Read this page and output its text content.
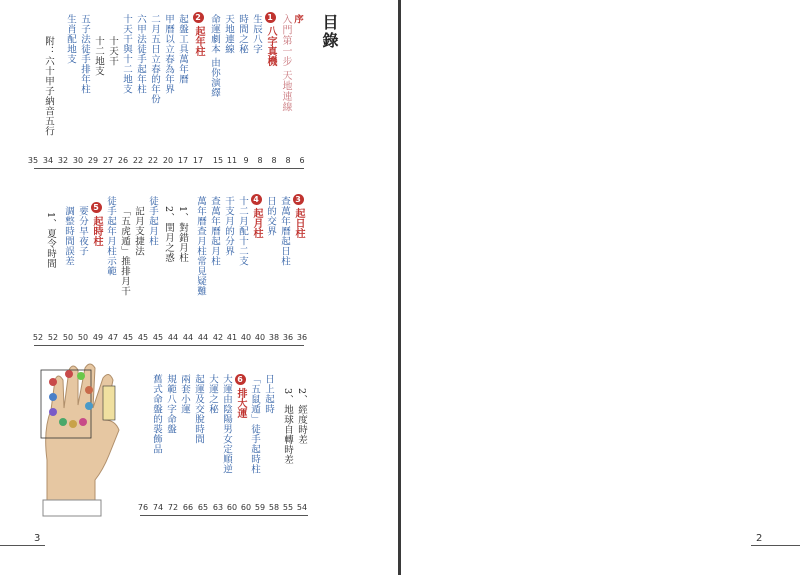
3	2
目錄
序
入門第一步 天地連線
1八字真機
生辰八字
時間之秘
天地連線
命運劇本 由你演繹
2起年柱
起盤工具萬年曆
甲曆以立春為年界
二月五日立春的年份
六甲法徒手起年柱
十天干與十二地支
十天干
十二地支
五子法徒手排年柱
生肖配地支
附：六十甲子納音五行
6
8
8
8
9
11
15
17
17
20
22
22
26
27
29
30
32
34
35
3起日柱
查萬年曆起日柱
日的交界
4起月柱
十二月配十二支
干支月的分界
查萬年曆起月柱
萬年曆查月柱常見疑難
1、對錯月柱
2、閏月之惑
徒手起月柱
記月支捷法
「五虎遁」推排月干
徒手起年月柱示範
5起時柱
要分早夜子
調整時間誤差
1、夏令時間
36
36
38
40
40
41
42
44
44
44
45
45
45
47
49
50
50
52
52
2、經度時差
3、地球自轉時差
日上起時
「五鼠遁」徒手起時柱
6排大運
大運由陰陽男女定順逆
大運之秘
起運及交脫時間
兩套小運
規範八字命盤
舊式命盤的裝飾品
54
55
58
59
60
60
63
65
66
72
74
76
